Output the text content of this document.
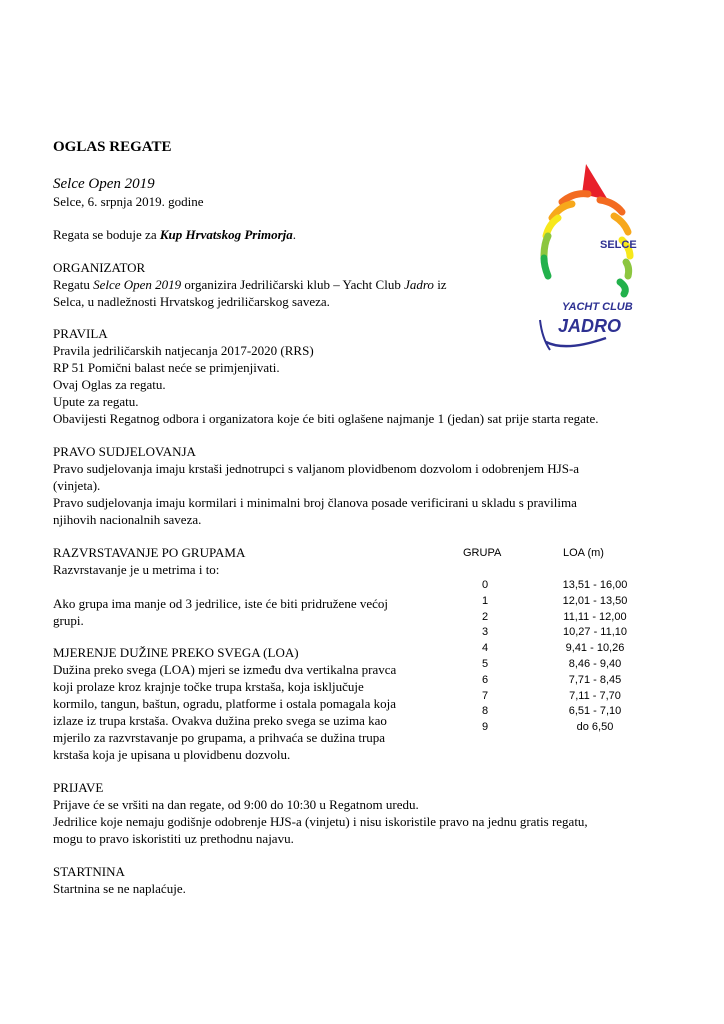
OGLAS REGATE
Selce Open 2019
Selce, 6. srpnja 2019. godine
Regata se boduje za Kup Hrvatskog Primorja.
ORGANIZATOR
Regatu Selce Open 2019 organizira Jedriličarski klub – Yacht Club Jadro iz
Selca, u nadležnosti Hrvatskog jedriličarskog saveza.
PRAVILA
Pravila jedriličarskih natjecanja 2017-2020 (RRS)
RP 51 Pomični balast neće se primjenjivati.
Ovaj Oglas za regatu.
Upute za regatu.
Obavijesti Regatnog odbora i organizatora koje će biti oglašene najmanje 1 (jedan) sat prije starta regate.
PRAVO SUDJELOVANJA
Pravo sudjelovanja imaju krstaši jednotrupci s valjanom plovidbenom dozvolom i odobrenjem HJS-a
(vinjeta).
Pravo sudjelovanja imaju kormilari i minimalni broj članova posade verificirani u skladu s pravilima
njihovih nacionalnih saveza.
RAZVRSTAVANJE PO GRUPAMA
Razvrstavanje je u metrima i to:
Ako grupa ima manje od 3 jedrilice, iste će biti pridružene većoj
grupi.
GRUPA	LOA (m)
0
1
2
3
4
5
6
7
8
9
13,51 - 16,00
12,01 - 13,50
11,11 - 12,00
10,27 - 11,10
9,41 - 10,26
8,46 - 9,40
7,71 - 8,45
7,11 - 7,70
6,51 - 7,10
do 6,50
MJERENJE DUŽINE PREKO SVEGA (LOA)
Dužina preko svega (LOA) mjeri se između dva vertikalna pravca
koji prolaze kroz krajnje točke trupa krstaša, koja isključuje
kormilo, tangun, baštun, ogradu, platforme i ostala pomagala koja
izlaze iz trupa krstaša. Ovakva dužina preko svega se uzima kao
mjerilo za razvrstavanje po grupama, a prihvaća se dužina trupa
krstaša koja je upisana u plovidbenu dozvolu.
PRIJAVE
Prijave će se vršiti na dan regate, od 9:00 do 10:30 u Regatnom uredu.
Jedrilice koje nemaju godišnje odobrenje HJS-a (vinjetu) i nisu iskoristile pravo na jednu gratis regatu,
mogu to pravo iskoristiti uz prethodnu najavu.
STARTNINA
Startnina se ne naplaćuje.
SELCE
YACHT CLUB
JADRO
